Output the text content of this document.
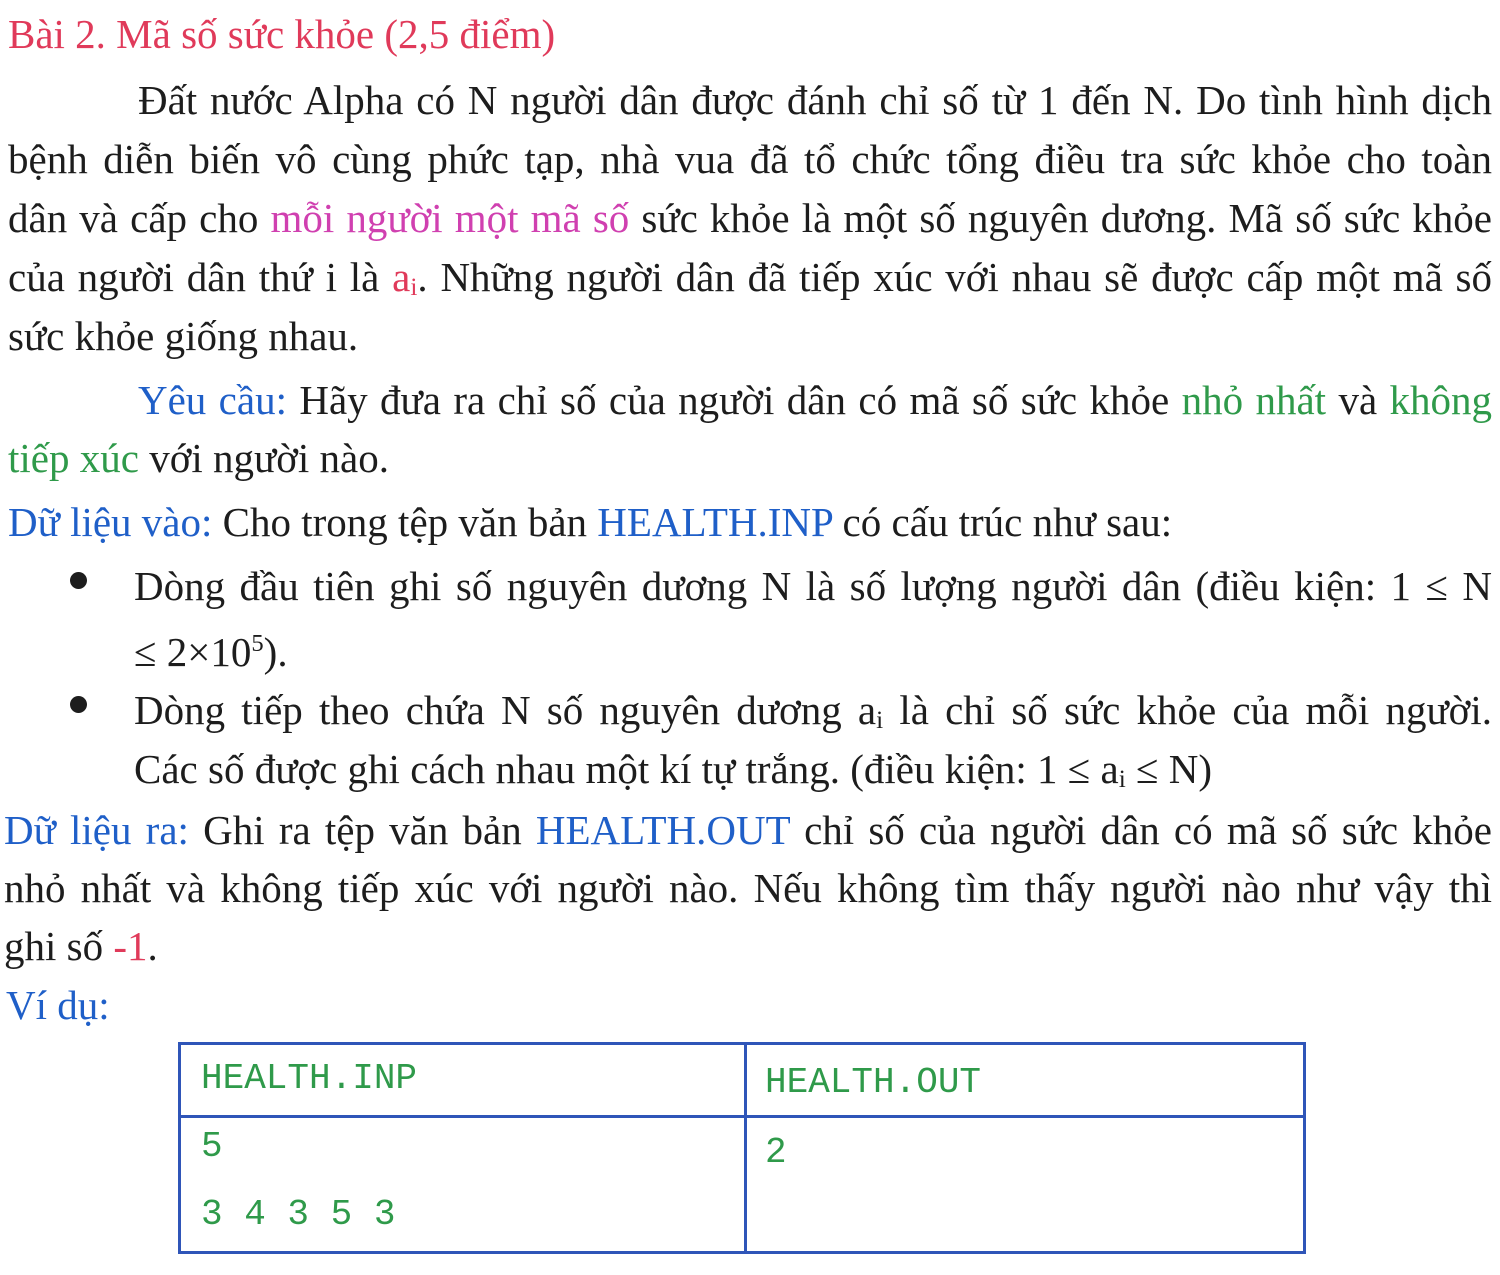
Bài 2. Mã số sức khỏe (2,5 điểm)
Đất nước Alpha có N người dân được đánh chỉ số từ 1 đến N. Do tình hình dịch
bệnh diễn biến vô cùng phức tạp, nhà vua đã tổ chức tổng điều tra sức khỏe cho toàn
dân và cấp cho mỗi người một mã số sức khỏe là một số nguyên dương. Mã số sức khỏe
của người dân thứ i là ai. Những người dân đã tiếp xúc với nhau sẽ được cấp một mã số
sức khỏe giống nhau.
Yêu cầu: Hãy đưa ra chỉ số của người dân có mã số sức khỏe nhỏ nhất và không
tiếp xúc với người nào.
Dữ liệu vào: Cho trong tệp văn bản HEALTH.INP có cấu trúc như sau:
Dòng đầu tiên ghi số nguyên dương N là số lượng người dân (điều kiện: 1 ≤ N
≤ $2\times 10^5$).
Dòng tiếp theo chứa N số nguyên dương ai là chỉ số sức khỏe của mỗi người.
Các số được ghi cách nhau một kí tự trắng. (điều kiện: 1 ≤ ai ≤ N)
Dữ liệu ra: Ghi ra tệp văn bản HEALTH.OUT chỉ số của người dân có mã số sức khỏe
nhỏ nhất và không tiếp xúc với người nào. Nếu không tìm thấy người nào như vậy thì
ghi số -1.
Ví dụ:
HEALTH.INP	HEALTH.OUT
5
3 4 3 5 3
2
